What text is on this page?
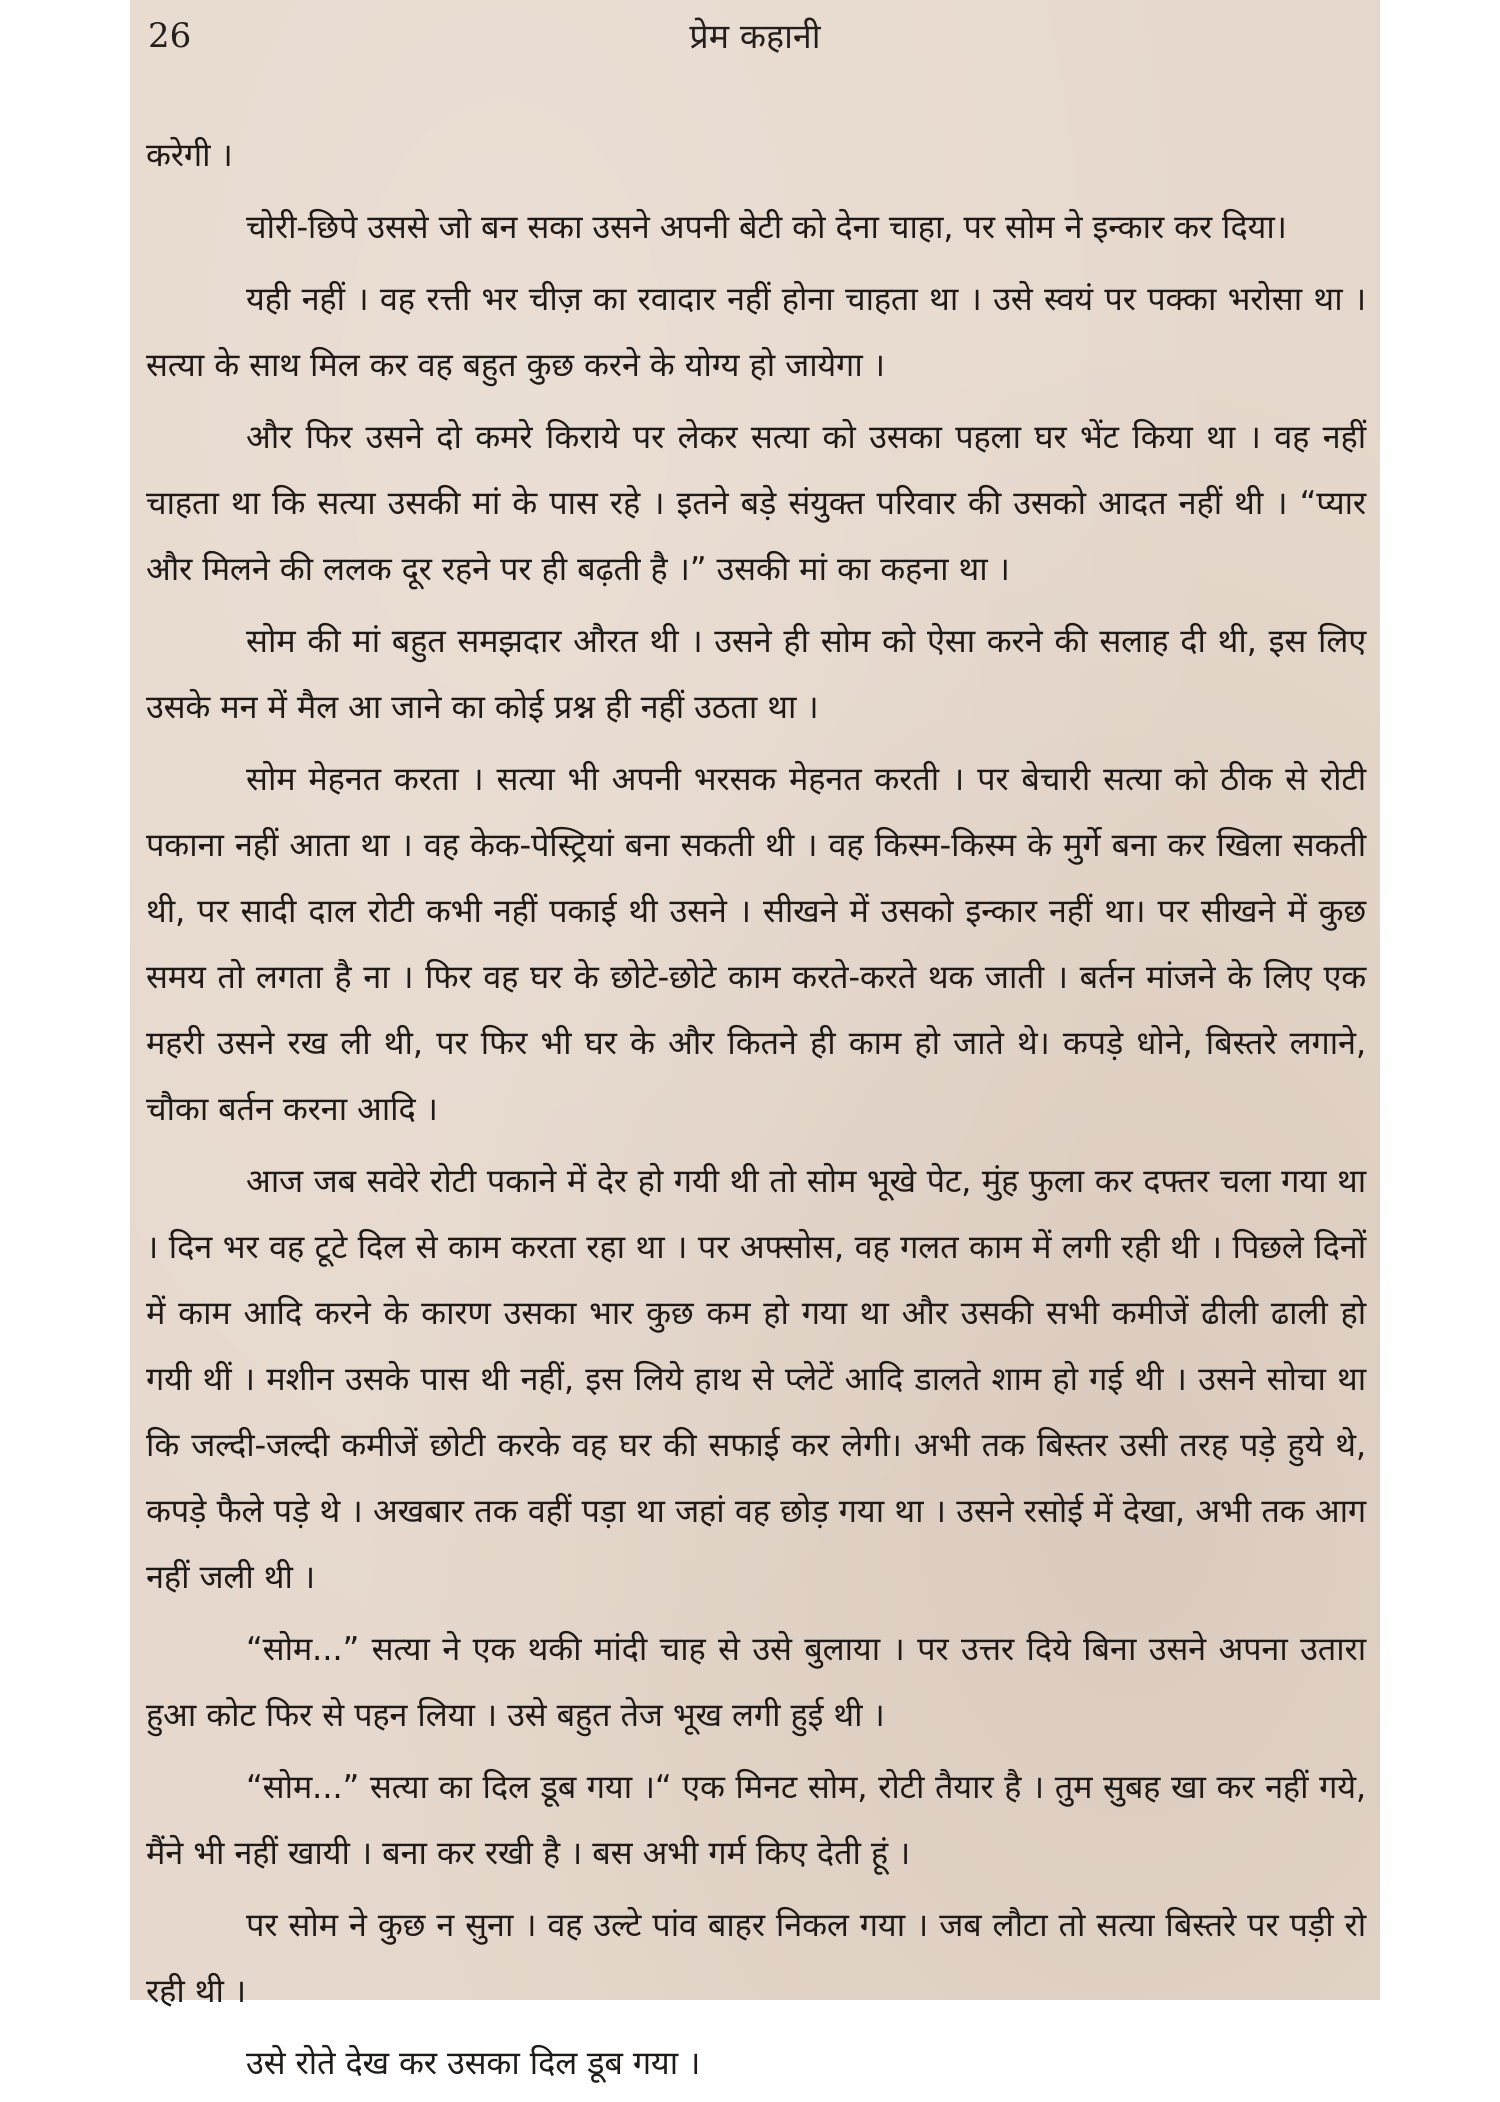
26	प्रेम कहानी

करेगी ।

चोरी-छिपे उससे जो बन सका उसने अपनी बेटी को देना चाहा, पर सोम ने इन्कार कर दिया।

यही नहीं । वह रत्ती भर चीज़ का रवादार नहीं होना चाहता था । उसे स्वयं पर पक्का भरोसा था । सत्या के साथ मिल कर वह बहुत कुछ करने के योग्य हो जायेगा ।

और फिर उसने दो कमरे किराये पर लेकर सत्या को उसका पहला घर भेंट किया था । वह नहीं चाहता था कि सत्या उसकी मां के पास रहे । इतने बड़े संयुक्त परिवार की उसको आदत नहीं थी । “प्यार और मिलने की ललक दूर रहने पर ही बढ़ती है ।” उसकी मां का कहना था ।

सोम की मां बहुत समझदार औरत थी । उसने ही सोम को ऐसा करने की सलाह दी थी, इस लिए उसके मन में मैल आ जाने का कोई प्रश्न ही नहीं उठता था ।

सोम मेहनत करता । सत्या भी अपनी भरसक मेहनत करती । पर बेचारी सत्या को ठीक से रोटी पकाना नहीं आता था । वह केक-पेस्ट्रियां बना सकती थी । वह किस्म-किस्म के मुर्गे बना कर खिला सकती थी, पर सादी दाल रोटी कभी नहीं पकाई थी उसने । सीखने में उसको इन्कार नहीं था। पर सीखने में कुछ समय तो लगता है ना । फिर वह घर के छोटे-छोटे काम करते-करते थक जाती । बर्तन मांजने के लिए एक महरी उसने रख ली थी, पर फिर भी घर के और कितने ही काम हो जाते थे। कपड़े धोने, बिस्तरे लगाने, चौका बर्तन करना आदि ।

आज जब सवेरे रोटी पकाने में देर हो गयी थी तो सोम भूखे पेट, मुंह फुला कर दफ्तर चला गया था । दिन भर वह टूटे दिल से काम करता रहा था । पर अफ्सोस, वह गलत काम में लगी रही थी । पिछले दिनों में काम आदि करने के कारण उसका भार कुछ कम हो गया था और उसकी सभी कमीजें ढीली ढाली हो गयी थीं । मशीन उसके पास थी नहीं, इस लिये हाथ से प्लेटें आदि डालते शाम हो गई थी । उसने सोचा था कि जल्दी-जल्दी कमीजें छोटी करके वह घर की सफाई कर लेगी। अभी तक बिस्तर उसी तरह पड़े हुये थे, कपड़े फैले पड़े थे । अखबार तक वहीं पड़ा था जहां वह छोड़ गया था । उसने रसोई में देखा, अभी तक आग नहीं जली थी ।

“सोम...” सत्या ने एक थकी मांदी चाह से उसे बुलाया । पर उत्तर दिये बिना उसने अपना उतारा हुआ कोट फिर से पहन लिया । उसे बहुत तेज भूख लगी हुई थी ।

“सोम...” सत्या का दिल डूब गया ।“ एक मिनट सोम, रोटी तैयार है । तुम सुबह खा कर नहीं गये, मैंने भी नहीं खायी । बना कर रखी है । बस अभी गर्म किए देती हूं ।

पर सोम ने कुछ न सुना । वह उल्टे पांव बाहर निकल गया । जब लौटा तो सत्या बिस्तरे पर पड़ी रो रही थी ।

उसे रोते देख कर उसका दिल डूब गया ।
